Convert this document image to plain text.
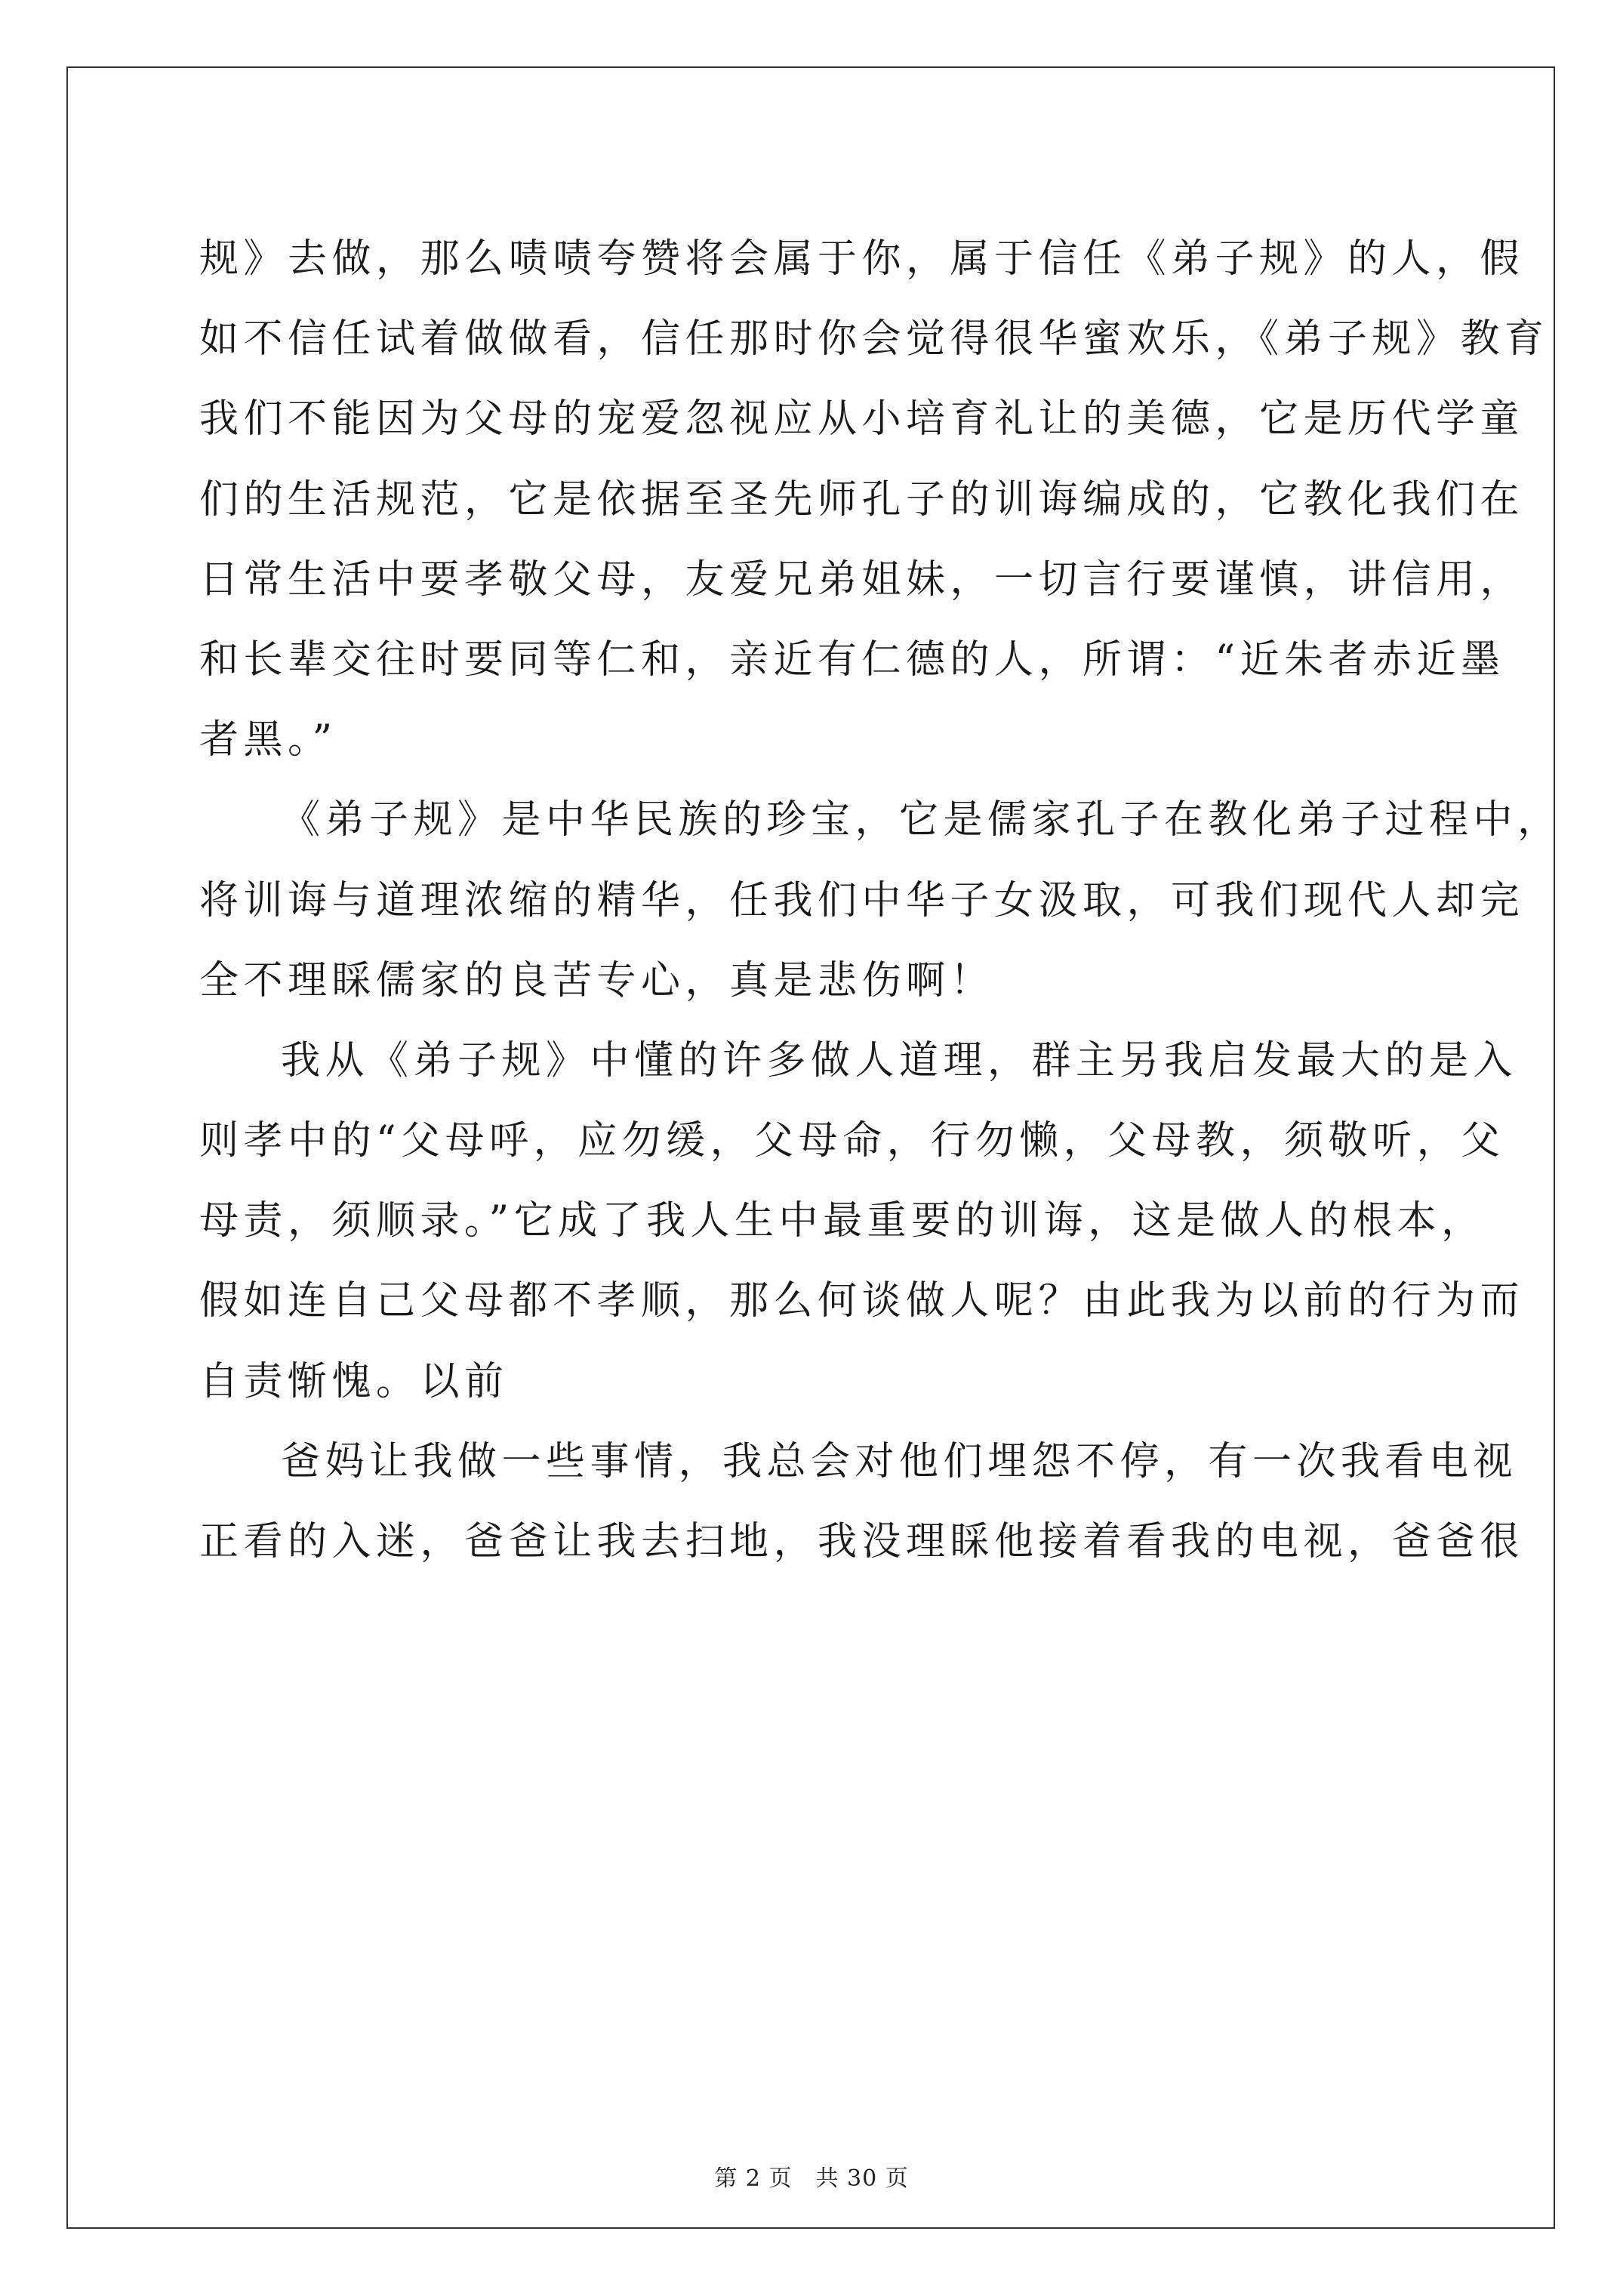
规》去做，那么啧啧夸赞将会属于你，属于信任《弟子规》的人，假
如不信任试着做做看，信任那时你会觉得很华蜜欢乐，《弟子规》教育
我们不能因为父母的宠爱忽视应从小培育礼让的美德，它是历代学童
们的生活规范，它是依据至圣先师孔子的训诲编成的，它教化我们在
日常生活中要孝敬父母，友爱兄弟姐妹，一切言行要谨慎，讲信用，
和长辈交往时要同等仁和，亲近有仁德的人，所谓：“近朱者赤近墨
者黑。”
《弟子规》是中华民族的珍宝，它是儒家孔子在教化弟子过程中，
将训诲与道理浓缩的精华，任我们中华子女汲取，可我们现代人却完
全不理睬儒家的良苦专心，真是悲伤啊！
我从《弟子规》中懂的许多做人道理，群主另我启发最大的是入
则孝中的“父母呼，应勿缓，父母命，行勿懒，父母教，须敬听，父
母责，须顺录。”它成了我人生中最重要的训诲，这是做人的根本，
假如连自己父母都不孝顺，那么何谈做人呢？由此我为以前的行为而
自责惭愧。以前
爸妈让我做一些事情，我总会对他们埋怨不停，有一次我看电视
正看的入迷，爸爸让我去扫地，我没理睬他接着看我的电视，爸爸很
第 2 页　共 30 页
